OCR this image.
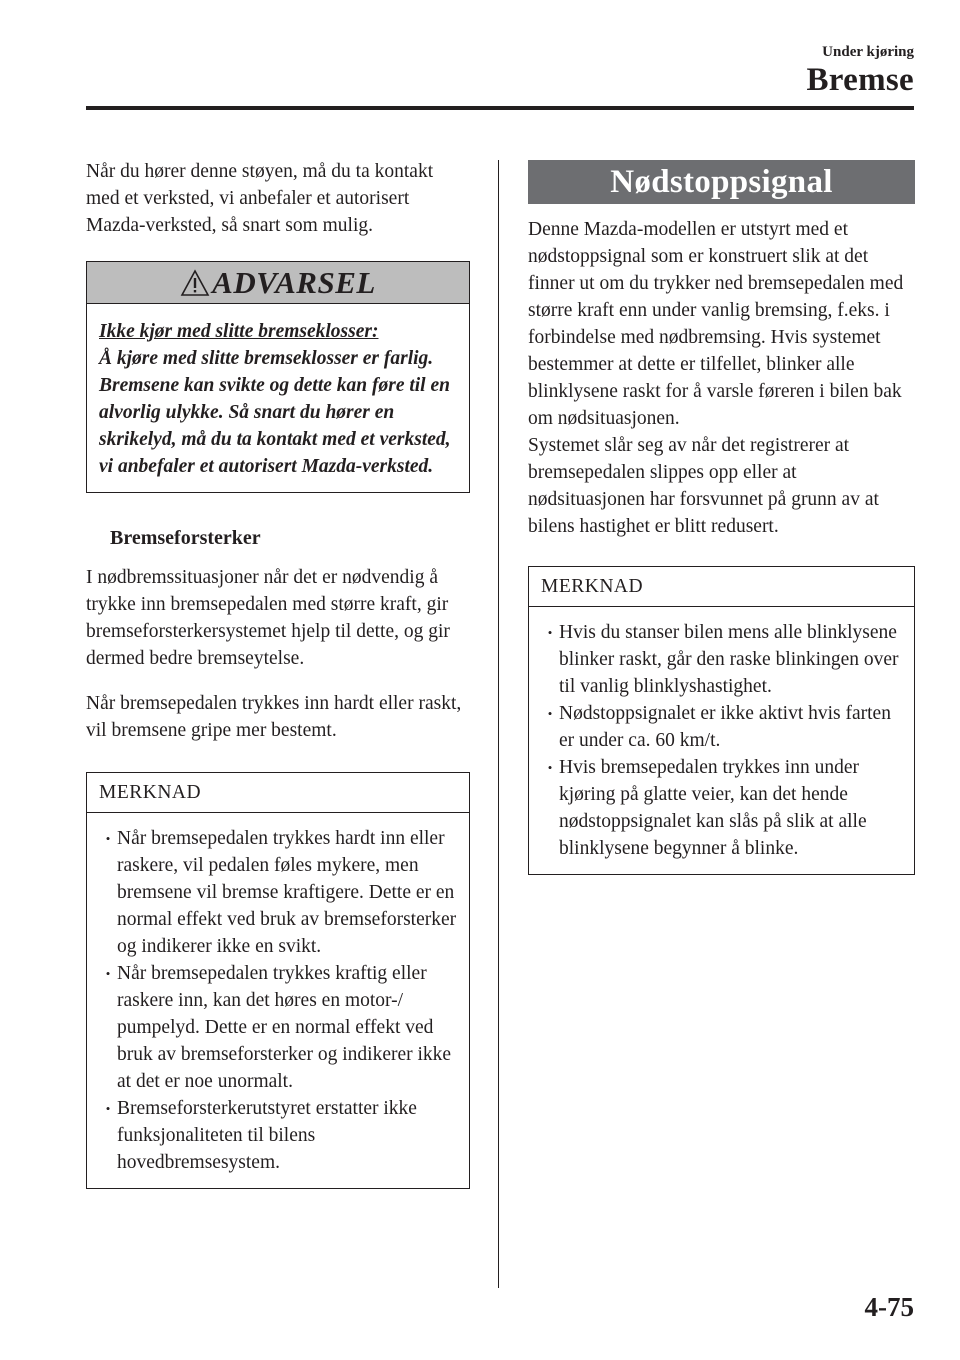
Under kjøring
Bremse

Når du hører denne støyen, må du ta kontakt med et verksted, vi anbefaler et autorisert Mazda-verksted, så snart som mulig.

ADVARSEL
Ikke kjør med slitte bremseklosser:
Å kjøre med slitte bremseklosser er farlig. Bremsene kan svikte og dette kan føre til en alvorlig ulykke. Så snart du hører en skrikelyd, må du ta kontakt med et verksted, vi anbefaler et autorisert Mazda-verksted.
Bremseforsterker

I nødbremssituasjoner når det er nødvendig å trykke inn bremsepedalen med større kraft, gir bremseforsterkersystemet hjelp til dette, og gir dermed bedre bremseytelse.

Når bremsepedalen trykkes inn hardt eller raskt, vil bremsene gripe mer bestemt.

MERKNAD
• Når bremsepedalen trykkes hardt inn eller raskere, vil pedalen føles mykere, men bremsene vil bremse kraftigere. Dette er en normal effekt ved bruk av bremseforsterker og indikerer ikke en svikt.
• Når bremsepedalen trykkes kraftig eller raskere inn, kan det høres en motor-/ pumpelyd. Dette er en normal effekt ved bruk av bremseforsterker og indikerer ikke at det er noe unormalt.
• Bremseforsterkerutstyret erstatter ikke funksjonaliteten til bilens hovedbremsesystem.
Nødstoppsignal

Denne Mazda-modellen er utstyrt med et nødstoppsignal som er konstruert slik at det finner ut om du trykker ned bremsepedalen med større kraft enn under vanlig bremsing, f.eks. i forbindelse med nødbremsing. Hvis systemet bestemmer at dette er tilfellet, blinker alle blinklysene raskt for å varsle føreren i bilen bak om nødsituasjonen.

Systemet slår seg av når det registrerer at bremsepedalen slippes opp eller at nødsituasjonen har forsvunnet på grunn av at bilens hastighet er blitt redusert.

MERKNAD
• Hvis du stanser bilen mens alle blinklysene blinker raskt, går den raske blinkingen over til vanlig blinklyshastighet.
• Nødstoppsignalet er ikke aktivt hvis farten er under ca. 60 km/t.
• Hvis bremsepedalen trykkes inn under kjøring på glatte veier, kan det hende nødstoppsignalet kan slås på slik at alle blinklysene begynner å blinke.
4-75
